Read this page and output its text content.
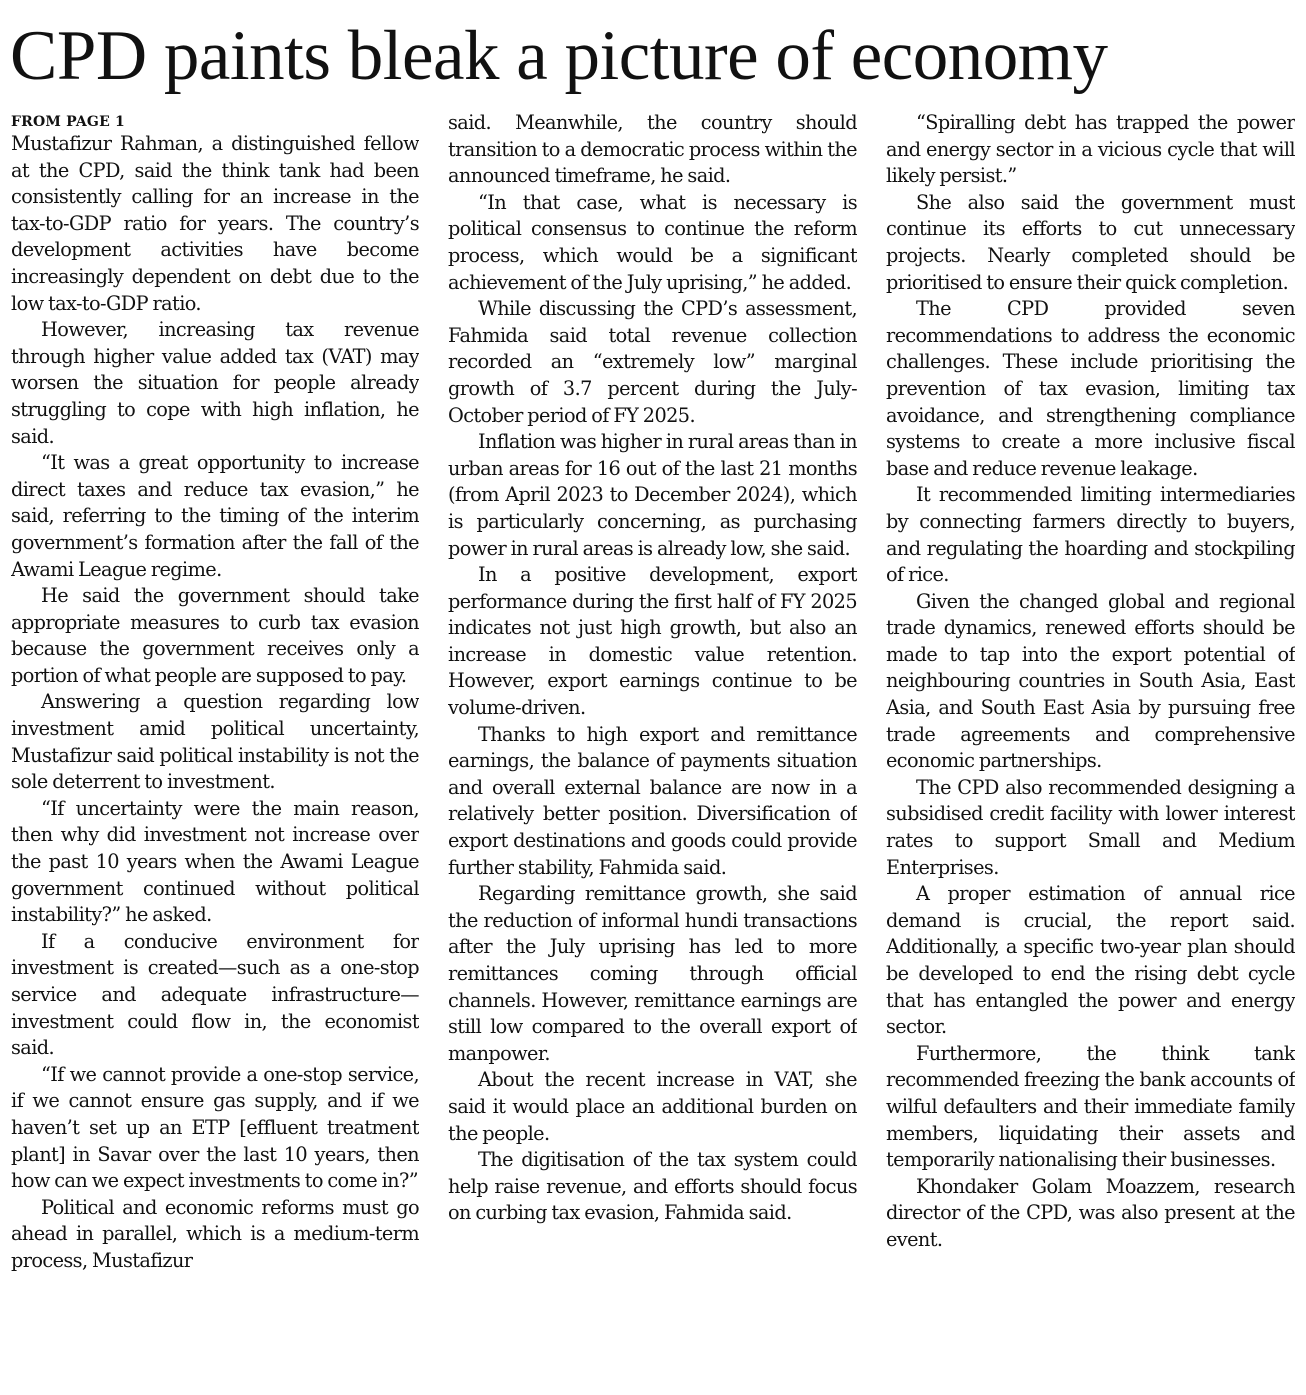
CPD paints bleak a picture of economy
FROM PAGE 1

Mustafizur Rahman, a distinguished fellow at the CPD, said the think tank had been consistently calling for an increase in the tax-to-GDP ratio for years. The country’s development activities have become increasingly dependent on debt due to the low tax-to-GDP ratio.

However, increasing tax revenue through higher value added tax (VAT) may worsen the situation for people already struggling to cope with high inflation, he said.

“It was a great opportunity to increase direct taxes and reduce tax evasion,” he said, referring to the timing of the interim government’s formation after the fall of the Awami League regime.

He said the government should take appropriate measures to curb tax evasion because the government receives only a portion of what people are supposed to pay.

Answering a question regarding low investment amid political uncertainty, Mustafizur said political instability is not the sole deterrent to investment.

“If uncertainty were the main reason, then why did investment not increase over the past 10 years when the Awami League government continued without political instability?” he asked.

If a conducive environment for investment is created—such as a one-stop service and adequate infrastructure—investment could flow in, the economist said.

“If we cannot provide a one-stop service, if we cannot ensure gas supply, and if we haven’t set up an ETP [effluent treatment plant] in Savar over the last 10 years, then how can we expect investments to come in?”

Political and economic reforms must go ahead in parallel, which is a medium-term process, Mustafizur

said. Meanwhile, the country should transition to a democratic process within the announced timeframe, he said.

“In that case, what is necessary is political consensus to continue the reform process, which would be a significant achievement of the July uprising,” he added.

While discussing the CPD’s assessment, Fahmida said total revenue collection recorded an “extremely low” marginal growth of 3.7 percent during the July-October period of FY 2025.

Inflation was higher in rural areas than in urban areas for 16 out of the last 21 months (from April 2023 to December 2024), which is particularly concerning, as purchasing power in rural areas is already low, she said.

In a positive development, export performance during the first half of FY 2025 indicates not just high growth, but also an increase in domestic value retention. However, export earnings continue to be volume-driven.

Thanks to high export and remittance earnings, the balance of payments situation and overall external balance are now in a relatively better position. Diversification of export destinations and goods could provide further stability, Fahmida said.

Regarding remittance growth, she said the reduction of informal hundi transactions after the July uprising has led to more remittances coming through official channels. However, remittance earnings are still low compared to the overall export of manpower.

About the recent increase in VAT, she said it would place an additional burden on the people.

The digitisation of the tax system could help raise revenue, and efforts should focus on curbing tax evasion, Fahmida said.

“Spiralling debt has trapped the power and energy sector in a vicious cycle that will likely persist.”

She also said the government must continue its efforts to cut unnecessary projects. Nearly completed should be prioritised to ensure their quick completion.

The CPD provided seven recommendations to address the economic challenges. These include prioritising the prevention of tax evasion, limiting tax avoidance, and strengthening compliance systems to create a more inclusive fiscal base and reduce revenue leakage.

It recommended limiting intermediaries by connecting farmers directly to buyers, and regulating the hoarding and stockpiling of rice.

Given the changed global and regional trade dynamics, renewed efforts should be made to tap into the export potential of neighbouring countries in South Asia, East Asia, and South East Asia by pursuing free trade agreements and comprehensive economic partnerships.

The CPD also recommended designing a subsidised credit facility with lower interest rates to support Small and Medium Enterprises.

A proper estimation of annual rice demand is crucial, the report said. Additionally, a specific two-year plan should be developed to end the rising debt cycle that has entangled the power and energy sector.

Furthermore, the think tank recommended freezing the bank accounts of wilful defaulters and their immediate family members, liquidating their assets and temporarily nationalising their businesses.

Khondaker Golam Moazzem, research director of the CPD, was also present at the event.
